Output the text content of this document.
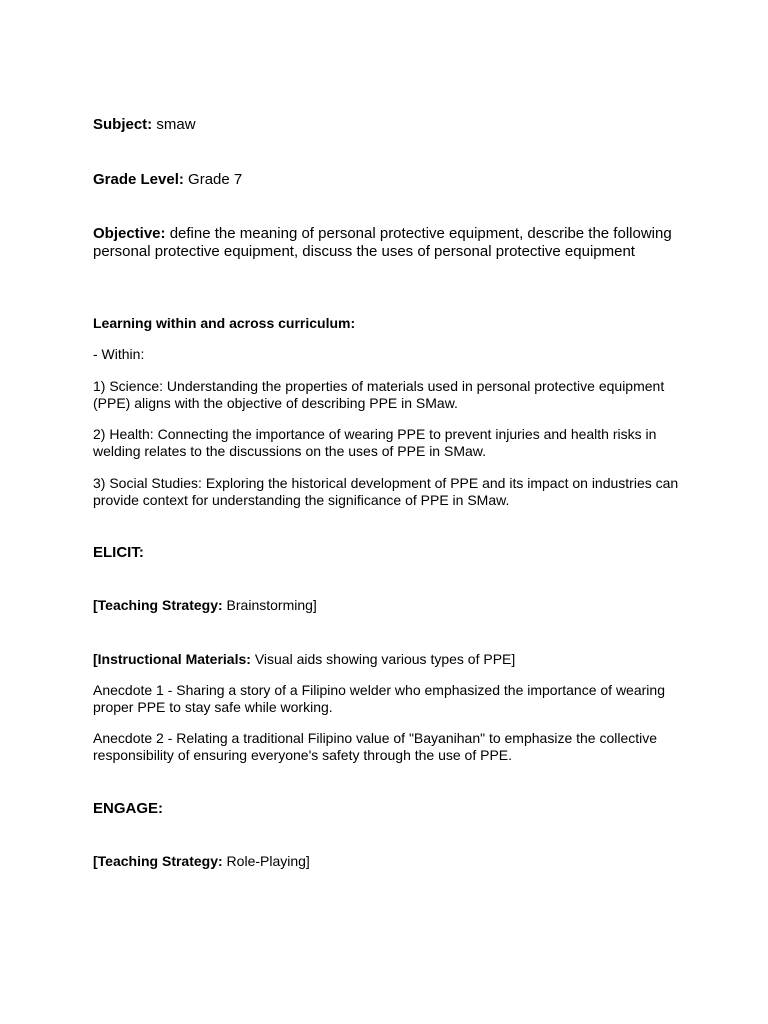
Subject: smaw

Grade Level: Grade 7

Objective: define the meaning of personal protective equipment, describe the following personal protective equipment, discuss the uses of personal protective equipment

Learning within and across curriculum:

- Within:

1) Science: Understanding the properties of materials used in personal protective equipment (PPE) aligns with the objective of describing PPE in SMaw.

2) Health: Connecting the importance of wearing PPE to prevent injuries and health risks in welding relates to the discussions on the uses of PPE in SMaw.

3) Social Studies: Exploring the historical development of PPE and its impact on industries can provide context for understanding the significance of PPE in SMaw.

ELICIT:

[Teaching Strategy: Brainstorming]

[Instructional Materials: Visual aids showing various types of PPE]

Anecdote 1 - Sharing a story of a Filipino welder who emphasized the importance of wearing proper PPE to stay safe while working.

Anecdote 2 - Relating a traditional Filipino value of "Bayanihan" to emphasize the collective responsibility of ensuring everyone's safety through the use of PPE.

ENGAGE:

[Teaching Strategy: Role-Playing]
